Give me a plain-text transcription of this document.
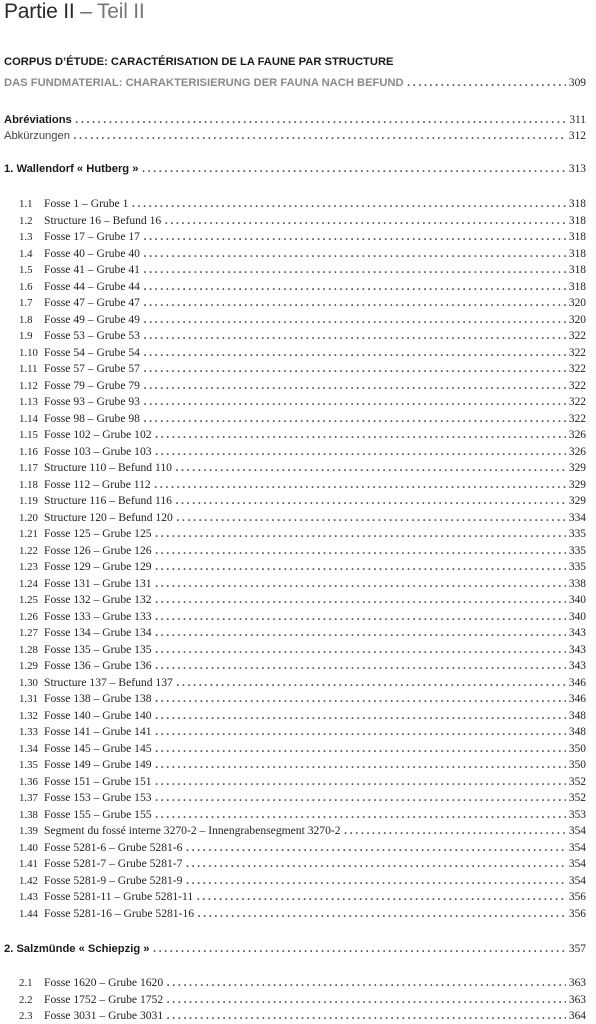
Partie II – Teil II
CORPUS D’ÉTUDE: CARACTÉRISATION DE LA FAUNE PAR STRUCTURE
DAS FUNDMATERIAL: CHARAKTERISIERUNG DER FAUNA NACH BEFUND .....	309
Abréviations .....	311
Abkürzungen .....	312
1. Wallendorf « Hutberg » .....	313
1.1 Fosse 1 – Grube 1 .....	318
1.2 Structure 16 – Befund 16 .....	318
1.3 Fosse 17 – Grube 17 .....	318
1.4 Fosse 40 – Grube 40 .....	318
1.5 Fosse 41 – Grube 41 .....	318
1.6 Fosse 44 – Grube 44 .....	318
1.7 Fosse 47 – Grube 47 .....	320
1.8 Fosse 49 – Grube 49 .....	320
1.9 Fosse 53 – Grube 53 .....	322
1.10 Fosse 54 – Grube 54 .....	322
1.11 Fosse 57 – Grube 57 .....	322
1.12 Fosse 79 – Grube 79 .....	322
1.13 Fosse 93 – Grube 93 .....	322
1.14 Fosse 98 – Grube 98 .....	322
1.15 Fosse 102 – Grube 102 .....	326
1.16 Fosse 103 – Grube 103 .....	326
1.17 Structure 110 – Befund 110 .....	329
1.18 Fosse 112 – Grube 112 .....	329
1.19 Structure 116 – Befund 116 .....	329
1.20 Structure 120 – Befund 120 .....	334
1.21 Fosse 125 – Grube 125 .....	335
1.22 Fosse 126 – Grube 126 .....	335
1.23 Fosse 129 – Grube 129 .....	335
1.24 Fosse 131 – Grube 131 .....	338
1.25 Fosse 132 – Grube 132 .....	340
1.26 Fosse 133 – Grube 133 .....	340
1.27 Fosse 134 – Grube 134 .....	343
1.28 Fosse 135 – Grube 135 .....	343
1.29 Fosse 136 – Grube 136 .....	343
1.30 Structure 137 – Befund 137 .....	346
1.31 Fosse 138 – Grube 138 .....	346
1.32 Fosse 140 – Grube 140 .....	348
1.33 Fosse 141 – Grube 141 .....	348
1.34 Fosse 145 – Grube 145 .....	350
1.35 Fosse 149 – Grube 149 .....	350
1.36 Fosse 151 – Grube 151 .....	352
1.37 Fosse 153 – Grube 153 .....	352
1.38 Fosse 155 – Grube 155 .....	353
1.39 Segment du fossé interne 3270-2 – Innengrabensegment 3270-2 .....	354
1.40 Fosse 5281-6 – Grube 5281-6 .....	354
1.41 Fosse 5281-7 – Grube 5281-7 .....	354
1.42 Fosse 5281-9 – Grube 5281-9 .....	354
1.43 Fosse 5281-11 – Grube 5281-11 .....	356
1.44 Fosse 5281-16 – Grube 5281-16 .....	356
2. Salzmünde « Schiepzig » .....	357
2.1 Fosse 1620 – Grube 1620 .....	363
2.2 Fosse 1752 – Grube 1752 .....	363
2.3 Fosse 3031 – Grube 3031 .....	364
